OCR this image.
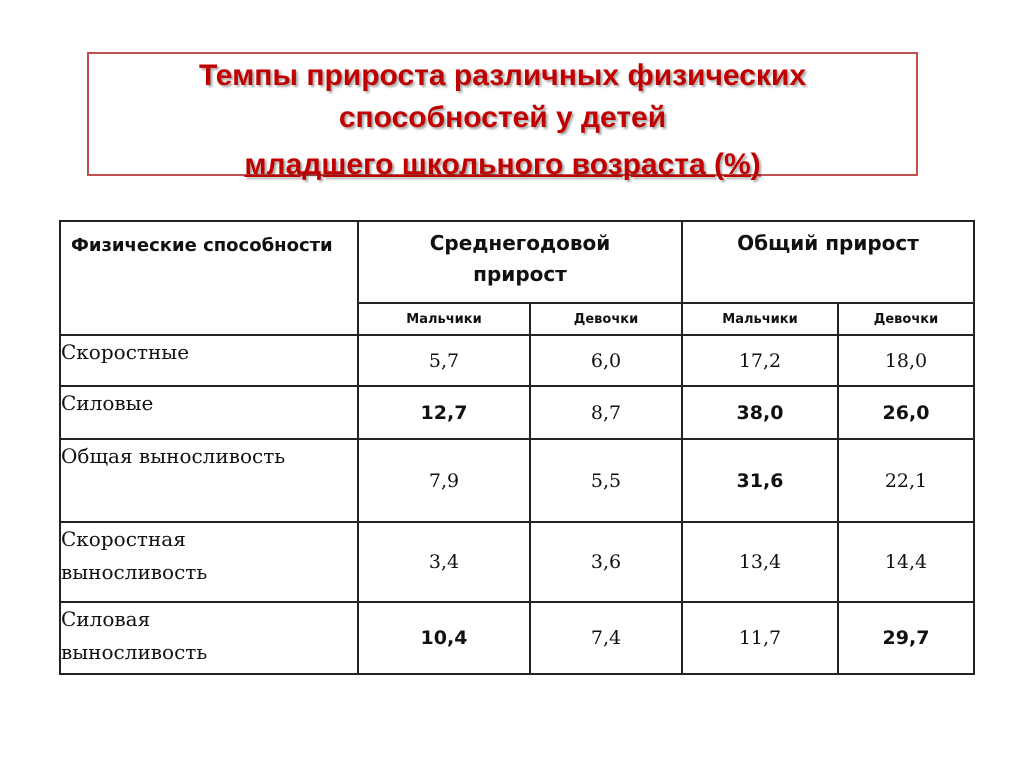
Темпы прироста различных физических
способностей у детей
младшего школьного возраста (%)
Физические способности	Среднегодовой прирост		Общий прирост	
	Мальчики	Девочки	Мальчики	Девочки
Скоростные	5,7	6,0	17,2	18,0
Силовые	12,7	8,7	38,0	26,0
Общая выносливость	7,9	5,5	31,6	22,1

Скоростная выносливость	3,4	3,6	13,4	14,4

Силовая выносливость	10,4	7,4	11,7	29,7
